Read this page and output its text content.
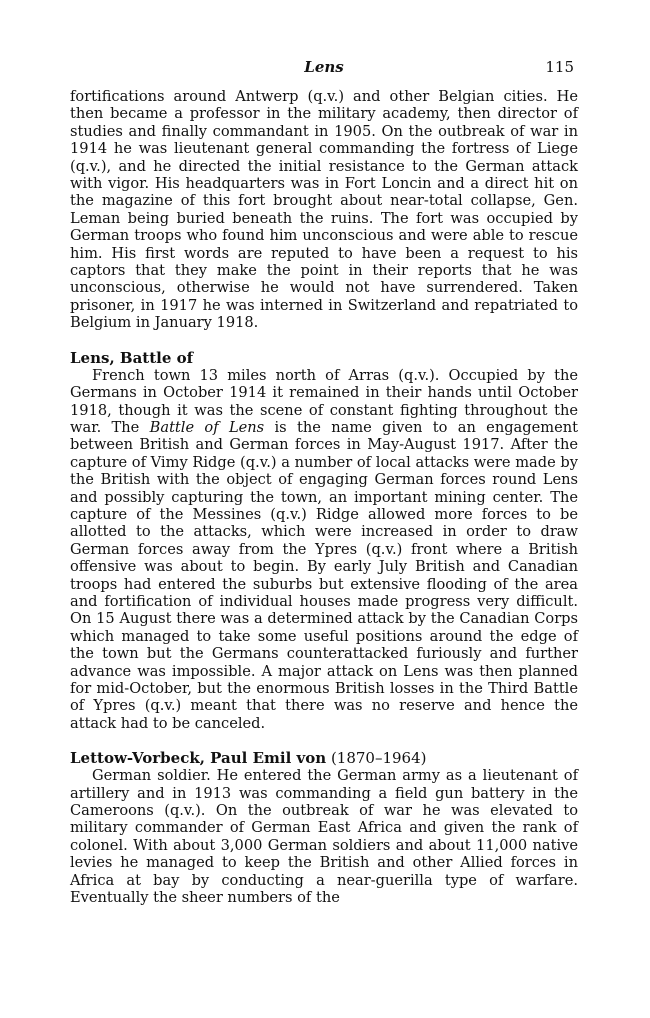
Lens	115

fortifications around Antwerp (q.v.) and other Belgian cities. He then became a professor in the military academy, then director of studies and finally commandant in 1905. On the outbreak of war in 1914 he was lieutenant general commanding the fortress of Liege (q.v.), and he directed the initial resistance to the German attack with vigor. His headquarters was in Fort Loncin and a direct hit on the magazine of this fort brought about near-total collapse, Gen. Leman being buried beneath the ruins. The fort was occupied by German troops who found him unconscious and were able to rescue him. His first words are reputed to have been a request to his captors that they make the point in their reports that he was unconscious, otherwise he would not have surrendered. Taken prisoner, in 1917 he was interned in Switzerland and repatriated to Belgium in January 1918.

Lens, Battle of

French town 13 miles north of Arras (q.v.). Occupied by the Germans in October 1914 it remained in their hands until October 1918, though it was the scene of constant fighting throughout the war. The Battle of Lens is the name given to an engagement between British and German forces in May-August 1917. After the capture of Vimy Ridge (q.v.) a number of local attacks were made by the British with the object of engaging German forces round Lens and possibly capturing the town, an important mining center. The capture of the Messines (q.v.) Ridge allowed more forces to be allotted to the attacks, which were increased in order to draw German forces away from the Ypres (q.v.) front where a British offensive was about to begin. By early July British and Canadian troops had entered the suburbs but extensive flooding of the area and fortification of individual houses made progress very difficult. On 15 August there was a determined attack by the Canadian Corps which managed to take some useful positions around the edge of the town but the Germans counterattacked furiously and further advance was impossible. A major attack on Lens was then planned for mid-October, but the enormous British losses in the Third Battle of Ypres (q.v.) meant that there was no reserve and hence the attack had to be canceled.

Lettow-Vorbeck, Paul Emil von (1870–1964)

German soldier. He entered the German army as a lieutenant of artillery and in 1913 was commanding a field gun battery in the Cameroons (q.v.). On the outbreak of war he was elevated to military commander of German East Africa and given the rank of colonel. With about 3,000 German soldiers and about 11,000 native levies he managed to keep the British and other Allied forces in Africa at bay by conducting a near-guerilla type of warfare. Eventually the sheer numbers of the
